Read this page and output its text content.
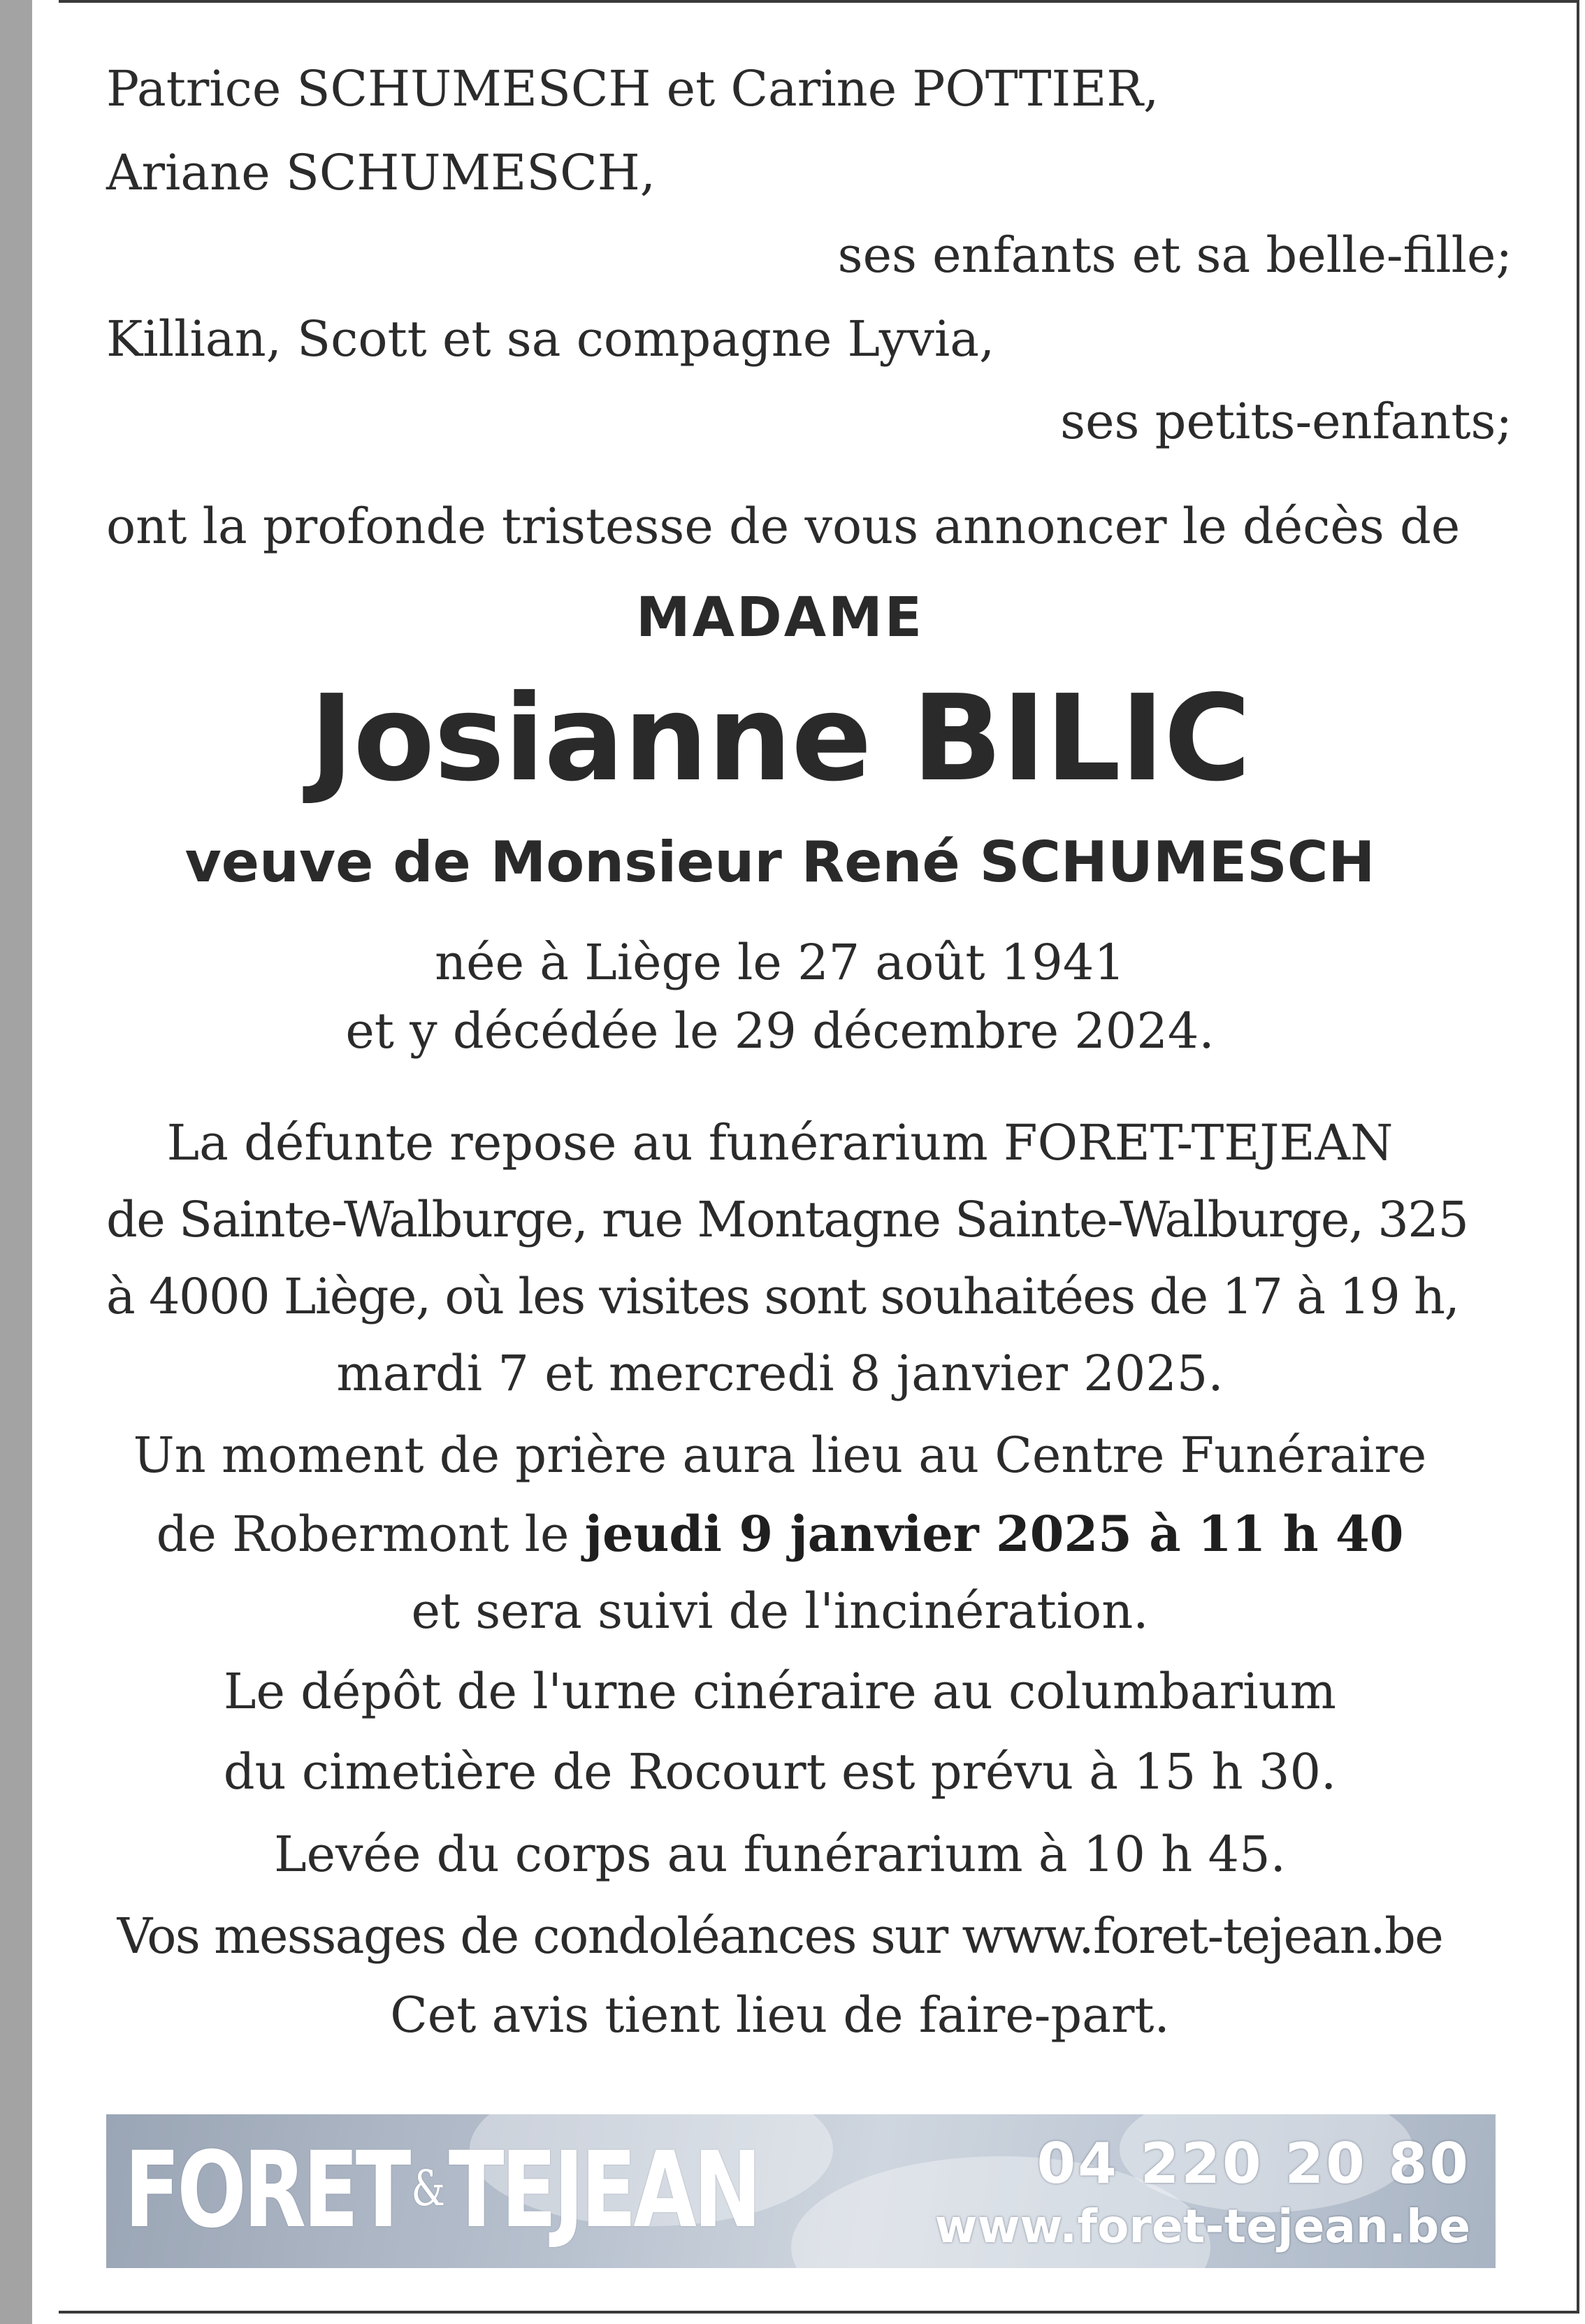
Patrice SCHUMESCH et Carine POTTIER,
Ariane SCHUMESCH,
ses enfants et sa belle-fille;
Killian, Scott et sa compagne Lyvia,
ses petits-enfants;
ont la profonde tristesse de vous annoncer le décès de
MADAME
Josianne BILIC
veuve de Monsieur René SCHUMESCH
née à Liège le 27 août 1941
et y décédée le 29 décembre 2024.
La défunte repose au funérarium FORET-TEJEAN
de Sainte-Walburge, rue Montagne Sainte-Walburge, 325
à 4000 Liège, où les visites sont souhaitées de 17 à 19 h,
mardi 7 et mercredi 8 janvier 2025.
Un moment de prière aura lieu au Centre Funéraire
de Robermont le jeudi 9 janvier 2025 à 11 h 40
et sera suivi de l'incinération.
Le dépôt de l'urne cinéraire au columbarium
du cimetière de Rocourt est prévu à 15 h 30.
Levée du corps au funérarium à 10 h 45.
Vos messages de condoléances sur www.foret-tejean.be
Cet avis tient lieu de faire-part.
FORET&TEJEAN	04 220 20 80
www.foret-tejean.be
